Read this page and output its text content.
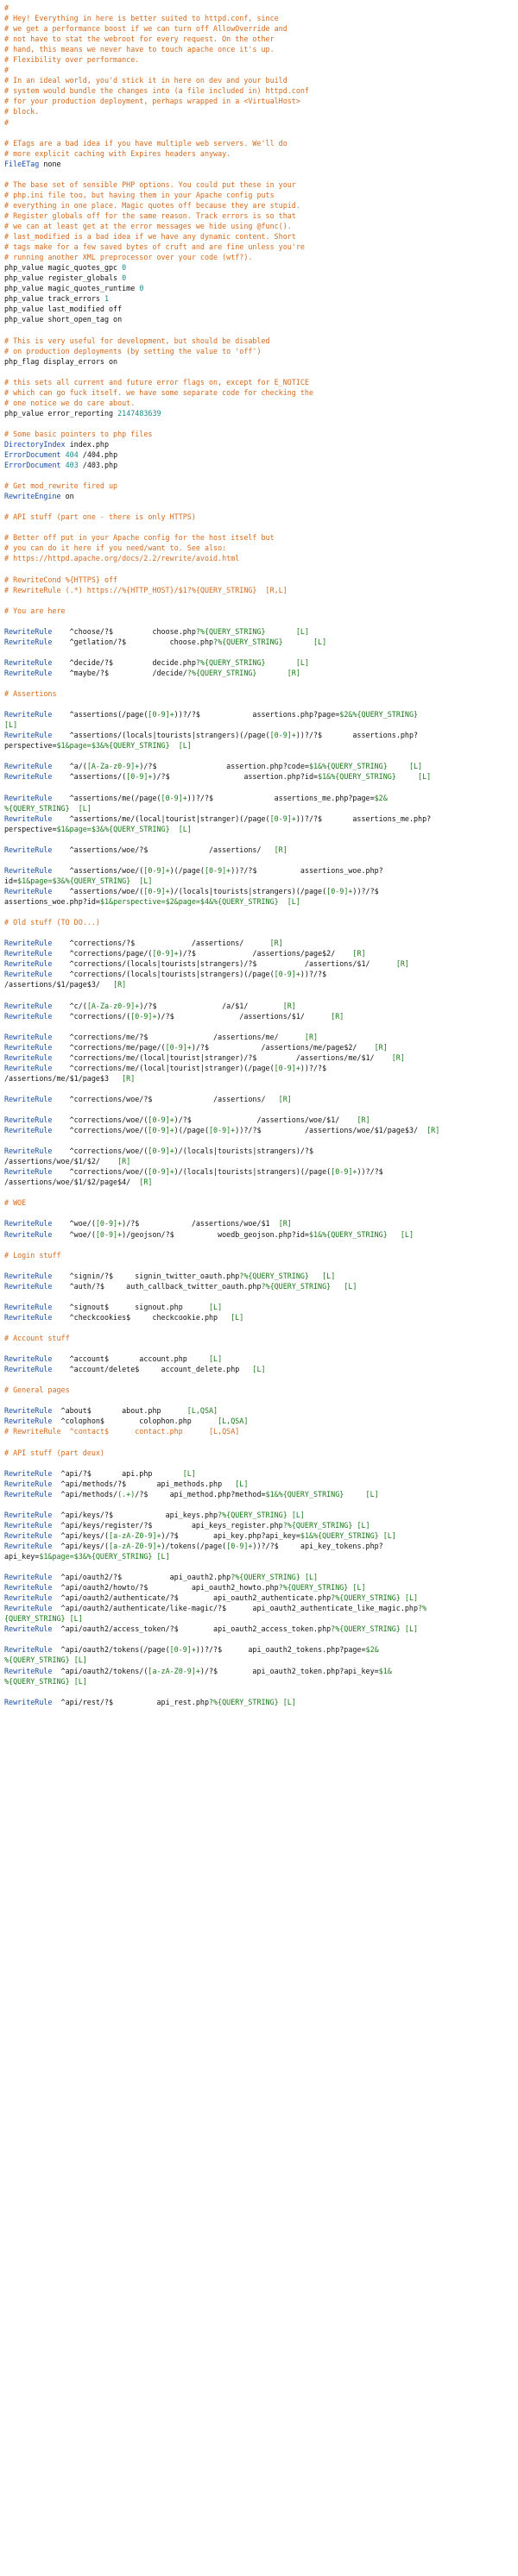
#
# Hey! Everything in here is better suited to httpd.conf, since
# we get a performance boost if we can turn off AllowOverride and
# not have to stat the webroot for every request. On the other
# hand, this means we never have to touch apache once it's up.
# Flexibility over performance.
#
# In an ideal world, you'd stick it in here on dev and your build
# system would bundle the changes into (a file included in) httpd.conf
# for your production deployment, perhaps wrapped in a <VirtualHost>
# block.
#
# ETags are a bad idea if you have multiple web servers. We'll do
# more explicit caching with Expires headers anyway.
FileETag none
# The base set of sensible PHP options. You could put these in your
# php.ini file too, but having them in your Apache config puts
# everything in one place. Magic quotes off because they are stupid.
# Register globals off for the same reason. Track errors is so that
# we can at least get at the error messages we hide using @func().
# last_modified is a bad idea if we have any dynamic content. Short
# tags make for a few saved bytes of cruft and are fine unless you're
# running another XML preprocessor over your code (wtf?).
php_value magic_quotes_gpc 0
php_value register_globals 0
php_value magic_quotes_runtime 0
php_value track_errors 1
php_value last_modified off
php_value short_open_tag on
# This is very useful for development, but should be disabled
# on production deployments (by setting the value to 'off')
php_flag display_errors on
# this sets all current and future error flags on, except for E_NOTICE
# which can go fuck itself. we have some separate code for checking the
# one notice we do care about.
php_value error_reporting 2147483639
# Some basic pointers to php files
DirectoryIndex index.php
ErrorDocument 404 /404.php
ErrorDocument 403 /403.php
# Get mod_rewrite fired up
RewriteEngine on
# API stuff (part one - there is only HTTPS)
# Better off put in your Apache config for the host itself but
# you can do it here if you need/want to. See also:
# https://httpd.apache.org/docs/2.2/rewrite/avoid.html
# RewriteCond %{HTTPS} off
# RewriteRule (.*) https://%{HTTP_HOST}/$1?%{QUERY_STRING}  [R,L]
# You are here
RewriteRule    ^choose/?$         choose.php?%{QUERY_STRING}	[L]
RewriteRule    ^getlation/?$          choose.php?%{QUERY_STRING}	[L]
RewriteRule    ^decide/?$         decide.php?%{QUERY_STRING}	[L]
RewriteRule    ^maybe/?$          /decide/?%{QUERY_STRING}	[R]
# Assertions
RewriteRule    ^assertions(/page([0-9]+))?/?$            assertions.php?page=$2&%{QUERY_STRING}
[L]
RewriteRule    ^assertions/(locals|tourists|strangers)(/page([0-9]+))?/?$       assertions.php?
perspective=$1&page=$3&%{QUERY_STRING} [L]
RewriteRule    ^a/([A-Za-z0-9]+)/?$                assertion.php?code=$1&%{QUERY_STRING}	[L]
RewriteRule    ^assertions/([0-9]+)/?$                 assertion.php?id=$1&%{QUERY_STRING}	[L]
RewriteRule    ^assertions/me(/page([0-9]+))?/?$              assertions_me.php?page=$2&
%{QUERY_STRING} [L]
RewriteRule    ^assertions/me/(local|tourist|stranger)(/page([0-9]+))?/?$       assertions_me.php?
perspective=$1&page=$3&%{QUERY_STRING} [L]
RewriteRule    ^assertions/woe/?$              /assertions/   [R]
RewriteRule    ^assertions/woe/([0-9]+)(/page([0-9]+))?/?$          assertions_woe.php?
id=$1&page=$3&%{QUERY_STRING} [L]
RewriteRule    ^assertions/woe/([0-9]+)/(locals|tourists|strangers)(/page([0-9]+))?/?$
assertions_woe.php?id=$1&perspective=$2&page=$4&%{QUERY_STRING} [L]
# Old stuff (TO DO...)
RewriteRule    ^corrections/?$             /assertions/      [R]
RewriteRule    ^corrections/page/([0-9]+)/?$             /assertions/page$2/    [R]
RewriteRule    ^corrections/(locals|tourists|strangers)/?$           /assertions/$1/      [R]
RewriteRule    ^corrections/(locals|tourists|strangers)(/page([0-9]+))?/?$
/assertions/$1/page$3/   [R]
RewriteRule    ^c/([A-Za-z0-9]+)/?$               /a/$1/        [R]
RewriteRule    ^corrections/([0-9]+)/?$               /assertions/$1/      [R]
RewriteRule    ^corrections/me/?$               /assertions/me/      [R]
RewriteRule    ^corrections/me/page/([0-9]+)/?$            /assertions/me/page$2/    [R]
RewriteRule    ^corrections/me/(local|tourist|stranger)/?$         /assertions/me/$1/    [R]
RewriteRule    ^corrections/me/(local|tourist|stranger)(/page([0-9]+))?/?$
/assertions/me/$1/page$3   [R]
RewriteRule    ^corrections/woe/?$              /assertions/   [R]
RewriteRule    ^corrections/woe/([0-9]+)/?$               /assertions/woe/$1/    [R]
RewriteRule    ^corrections/woe/([0-9]+)(/page([0-9]+))?/?$          /assertions/woe/$1/page$3/  [R]
RewriteRule    ^corrections/woe/([0-9]+)/(locals|tourists|strangers)/?$
/assertions/woe/$1/$2/    [R]
RewriteRule    ^corrections/woe/([0-9]+)/(locals|tourists|strangers)(/page([0-9]+))?/?$
/assertions/woe/$1/$2/page$4/  [R]
# WOE
RewriteRule    ^woe/([0-9]+)/?$            /assertions/woe/$1  [R]
RewriteRule    ^woe/([0-9]+)/geojson/?$          woedb_geojson.php?id=$1&%{QUERY_STRING} [L]
# Login stuff
RewriteRule    ^signin/?$     signin_twitter_oauth.php?%{QUERY_STRING} [L]
RewriteRule    ^auth/?$     auth_callback_twitter_oauth.php?%{QUERY_STRING} [L]
RewriteRule    ^signout$      signout.php      [L]
RewriteRule    ^checkcookies$     checkcookie.php   [L]
# Account stuff
RewriteRule    ^account$       account.php     [L]
RewriteRule    ^account/delete$     account_delete.php   [L]
# General pages
RewriteRule  ^about$       about.php      [L,QSA]
RewriteRule  ^colophon$        colophon.php      [L,QSA]
# RewriteRule  ^contact$      contact.php      [L,QSA]
# API stuff (part deux)
RewriteRule  ^api/?$       api.php       [L]
RewriteRule  ^api/methods/?$       api_methods.php   [L]
RewriteRule  ^api/methods/(.+)/?$     api_method.php?method=$1&%{QUERY_STRING}	[L]
RewriteRule  ^api/keys/?$            api_keys.php?%{QUERY_STRING} [L]
RewriteRule  ^api/keys/register/?$         api_keys_register.php?%{QUERY_STRING} [L]
RewriteRule  ^api/keys/([a-zA-Z0-9]+)/?$        api_key.php?api_key=$1&%{QUERY_STRING} [L]
RewriteRule  ^api/keys/([a-zA-Z0-9]+)/tokens(/page([0-9]+))?/?$     api_key_tokens.php?
api_key=$1&page=$3&%{QUERY_STRING} [L]
RewriteRule  ^api/oauth2/?$           api_oauth2.php?%{QUERY_STRING} [L]
RewriteRule  ^api/oauth2/howto/?$          api_oauth2_howto.php?%{QUERY_STRING} [L]
RewriteRule  ^api/oauth2/authenticate/?$        api_oauth2_authenticate.php?%{QUERY_STRING} [L]
RewriteRule  ^api/oauth2/authenticate/like-magic/?$      api_oauth2_authenticate_like_magic.php?%
{QUERY_STRING} [L]
RewriteRule  ^api/oauth2/access_token/?$        api_oauth2_access_token.php?%{QUERY_STRING} [L]
RewriteRule  ^api/oauth2/tokens(/page([0-9]+))?/?$      api_oauth2_tokens.php?page=$2&
%{QUERY_STRING} [L]
RewriteRule  ^api/oauth2/tokens/([a-zA-Z0-9]+)/?$        api_oauth2_token.php?api_key=$1&
%{QUERY_STRING} [L]
RewriteRule  ^api/rest/?$          api_rest.php?%{QUERY_STRING} [L]
